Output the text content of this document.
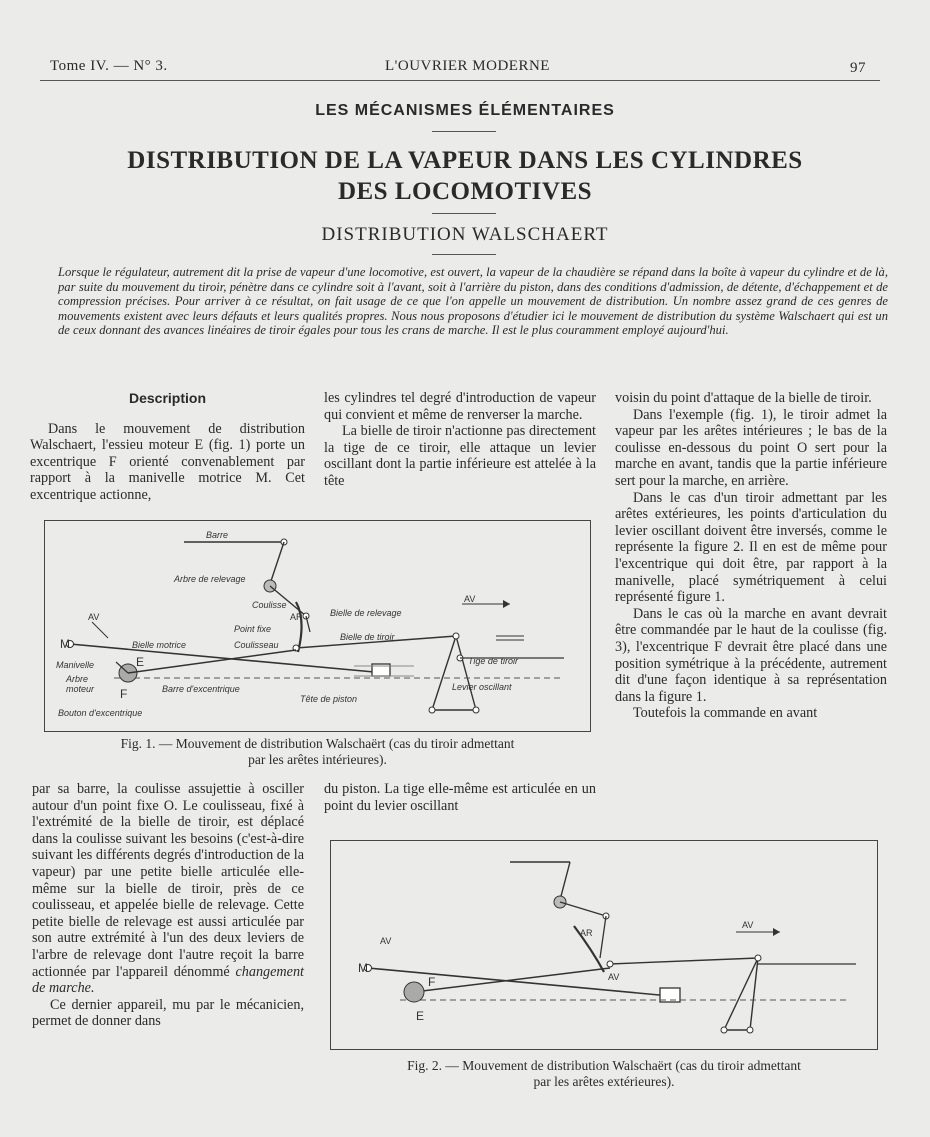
Tome IV. — N° 3.	L'OUVRIER MODERNE	97
LES MÉCANISMES ÉLÉMENTAIRES
DISTRIBUTION DE LA VAPEUR DANS LES CYLINDRES
DES LOCOMOTIVES
DISTRIBUTION WALSCHAERT
Lorsque le régulateur, autrement dit la prise de vapeur d'une locomotive, est ouvert, la vapeur de la chaudière se répand dans la boîte à vapeur du cylindre et de là, par suite du mouvement du tiroir, pénètre dans ce cylindre soit à l'avant, soit à l'arrière du piston, dans des conditions d'admission, de détente, d'échappement et de compression précises. Pour arriver à ce résultat, on fait usage de ce que l'on appelle un mouvement de distribution. Un nombre assez grand de ces genres de mouvements existent avec leurs défauts et leurs qualités propres. Nous nous proposons d'étudier ici le mouvement de distribution du système Walschaert qui est un de ceux donnant des avances linéaires de tiroir égales pour tous les crans de marche. Il est le plus couramment employé aujourd'hui.
Description

Dans le mouvement de distribution Walschaert, l'essieu moteur E (fig. 1) porte un excentrique F orienté convenablement par rapport à la manivelle motrice M. Cet excentrique actionne,

les cylindres tel degré d'introduction de vapeur qui convient et même de renverser la marche.

La bielle de tiroir n'actionne pas directement la tige de ce tiroir, elle attaque un levier oscillant dont la partie inférieure est attelée à la tête

voisin du point d'attaque de la bielle de tiroir.

Dans l'exemple (fig. 1), le tiroir admet la vapeur par les arêtes intérieures ; le bas de la coulisse en-dessous du point O sert pour la marche en avant, tandis que la partie inférieure sert pour la marche, en arrière.

Dans le cas d'un tiroir admettant par les arêtes extérieures, les points d'articulation du levier oscillant doivent être inversés, comme le représente la figure 2. Il en est de même pour l'excentrique qui doit être, par rapport à la manivelle, placé symétriquement à celui représenté figure 1.

Dans le cas où la marche en avant devrait être commandée par le haut de la coulisse (fig. 3), l'excentrique F devrait être placé dans une position symétrique à la précédente, autrement dit d'une façon identique à sa représentation dans la figure 1.

Toutefois la commande en avant

Barre
Arbre de relevage
Coulisse
Bielle de relevage
Point fixe
Coulisseau
Bielle de tiroir
Bielle motrice
M
E
F
Manivelle
Arbre
moteur	Barre d'excentrique
Bouton d'excentrique
Tige de tiroir
Tête de piston
Levier oscillant
AV
AV	AR
Fig. 1. — Mouvement de distribution Walschaërt (cas du tiroir admettant
par les arêtes intérieures).

par sa barre, la coulisse assujettie à osciller autour d'un point fixe O. Le coulisseau, fixé à l'extrémité de la bielle de tiroir, est déplacé dans la coulisse suivant les besoins (c'est-à-dire suivant les différents degrés d'introduction de la vapeur) par une petite bielle articulée elle-même sur la bielle de tiroir, près de ce coulisseau, et appelée bielle de relevage. Cette petite bielle de relevage est aussi articulée par son autre extrémité à l'un des deux leviers de l'arbre de relevage dont l'autre reçoit la barre actionnée par l'appareil dénommé changement de marche.

Ce dernier appareil, mu par le mécanicien, permet de donner dans

du piston. La tige elle-même est articulée en un point du levier oscillant

M
F
E
AV
AV
AV
AR
Fig. 2. — Mouvement de distribution Walschaërt (cas du tiroir admettant
par les arêtes extérieures).
